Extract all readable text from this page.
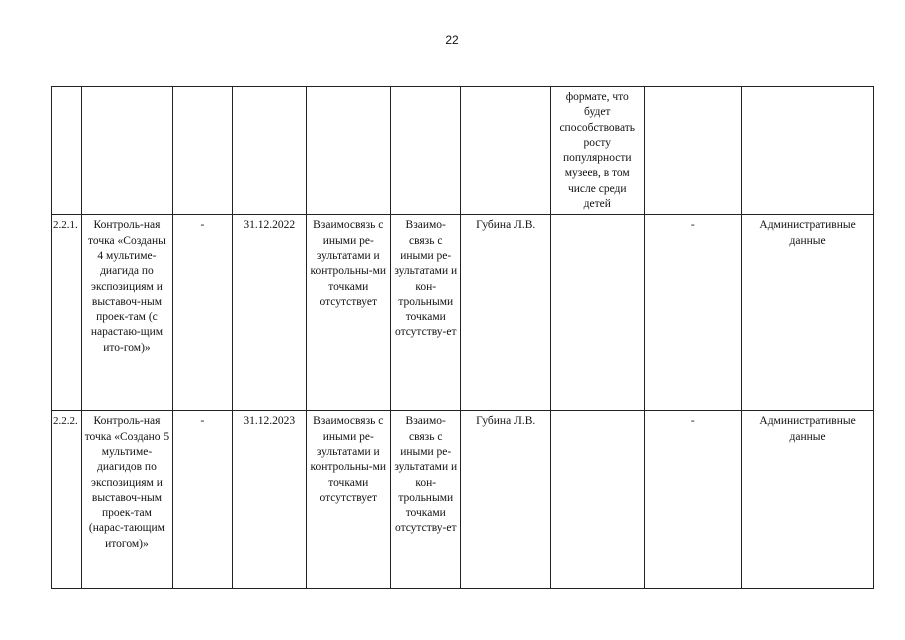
22
							формате, что будет способствовать росту популярности музеев, в том числе среди детей		
2.2.1.	Контроль-ная точка «Созданы 4 мультиме-диагида по экспозициям и выставоч-ным проек-там (с нарастаю-щим ито-гом)»	-	31.12.2022	Взаимосвязь с иными ре-зультатами и контрольны-ми точками отсутствует	Взаимо-связь с иными ре-зультатами и кон-трольными точками отсутству-ет	Губина Л.В.		-	Административные данные
2.2.2.	Контроль-ная точка «Создано 5 мультиме-диагидов по экспозициям и выставоч-ным проек-там (нарас-тающим итогом)»	-	31.12.2023	Взаимосвязь с иными ре-зультатами и контрольны-ми точками отсутствует	Взаимо-связь с иными ре-зультатами и кон-трольными точками отсутству-ет	Губина Л.В.		-	Административные данные
